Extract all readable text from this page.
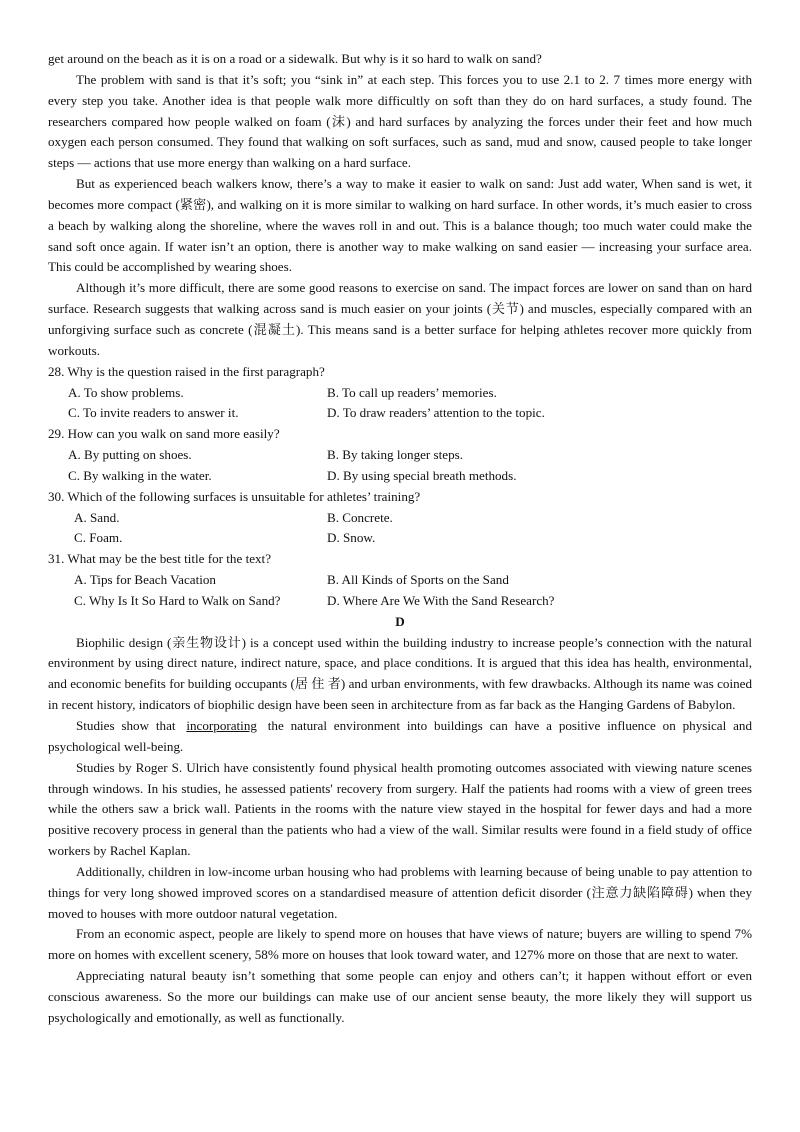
get around on the beach as it is on a road or a sidewalk. But why is it so hard to walk on sand?

The problem with sand is that it’s soft; you “sink in” at each step. This forces you to use 2.1 to 2. 7 times more energy with every step you take. Another idea is that people walk more difficultly on soft than they do on hard surfaces, a study found. The researchers compared how people walked on foam (沫) and hard surfaces by analyzing the forces under their feet and how much oxygen each person consumed. They found that walking on soft surfaces, such as sand, mud and snow, caused people to take longer steps — actions that use more energy than walking on a hard surface.

But as experienced beach walkers know, there’s a way to make it easier to walk on sand: Just add water, When sand is wet, it becomes more compact (紧密), and walking on it is more similar to walking on hard surface. In other words, it’s much easier to cross a beach by walking along the shoreline, where the waves roll in and out. This is a balance though; too much water could make the sand soft once again. If water isn’t an option, there is another way to make walking on sand easier — increasing your surface area. This could be accomplished by wearing shoes.

Although it’s more difficult, there are some good reasons to exercise on sand. The impact forces are lower on sand than on hard surface. Research suggests that walking across sand is much easier on your joints (关节) and muscles, especially compared with an unforgiving surface such as concrete (混凝土). This means sand is a better surface for helping athletes recover more quickly from workouts.

28. Why is the question raised in the first paragraph?

A. To show problems.	B. To call up readers’ memories.
C. To invite readers to answer it.	D. To draw readers’ attention to the topic.

29. How can you walk on sand more easily?

A. By putting on shoes.	B. By taking longer steps.
C. By walking in the water.	D. By using special breath methods.

30. Which of the following surfaces is unsuitable for athletes’ training?

A. Sand.	B. Concrete.
C. Foam.	D. Snow.

31. What may be the best title for the text?

A. Tips for Beach Vacation	B. All Kinds of Sports on the Sand
C. Why Is It So Hard to Walk on Sand?	D. Where Are We With the Sand Research?

D

Biophilic design (亲生物设计) is a concept used within the building industry to increase people’s connection with the natural environment by using direct nature, indirect nature, space, and place conditions. It is argued that this idea has health, environmental, and economic benefits for building occupants (居 住 者) and urban environments, with few drawbacks. Although its name was coined in recent history, indicators of biophilic design have been seen in architecture from as far back as the Hanging Gardens of Babylon.

Studies show that incorporating the natural environment into buildings can have a positive influence on physical and psychological well-being.

Studies by Roger S. Ulrich have consistently found physical health promoting outcomes associated with viewing nature scenes through windows. In his studies, he assessed patients' recovery from surgery. Half the patients had rooms with a view of green trees while the others saw a brick wall. Patients in the rooms with the nature view stayed in the hospital for fewer days and had a more positive recovery process in general than the patients who had a view of the wall. Similar results were found in a field study of office workers by Rachel Kaplan.

Additionally, children in low-income urban housing who had problems with learning because of being unable to pay attention to things for very long showed improved scores on a standardised measure of attention deficit disorder (注意力缺陷障碍) when they moved to houses with more outdoor natural vegetation.

From an economic aspect, people are likely to spend more on houses that have views of nature; buyers are willing to spend 7% more on homes with excellent scenery, 58% more on houses that look toward water, and 127% more on those that are next to water.

Appreciating natural beauty isn’t something that some people can enjoy and others can’t; it happen without effort or even conscious awareness. So the more our buildings can make use of our ancient sense beauty, the more likely they will support us psychologically and emotionally, as well as functionally.
